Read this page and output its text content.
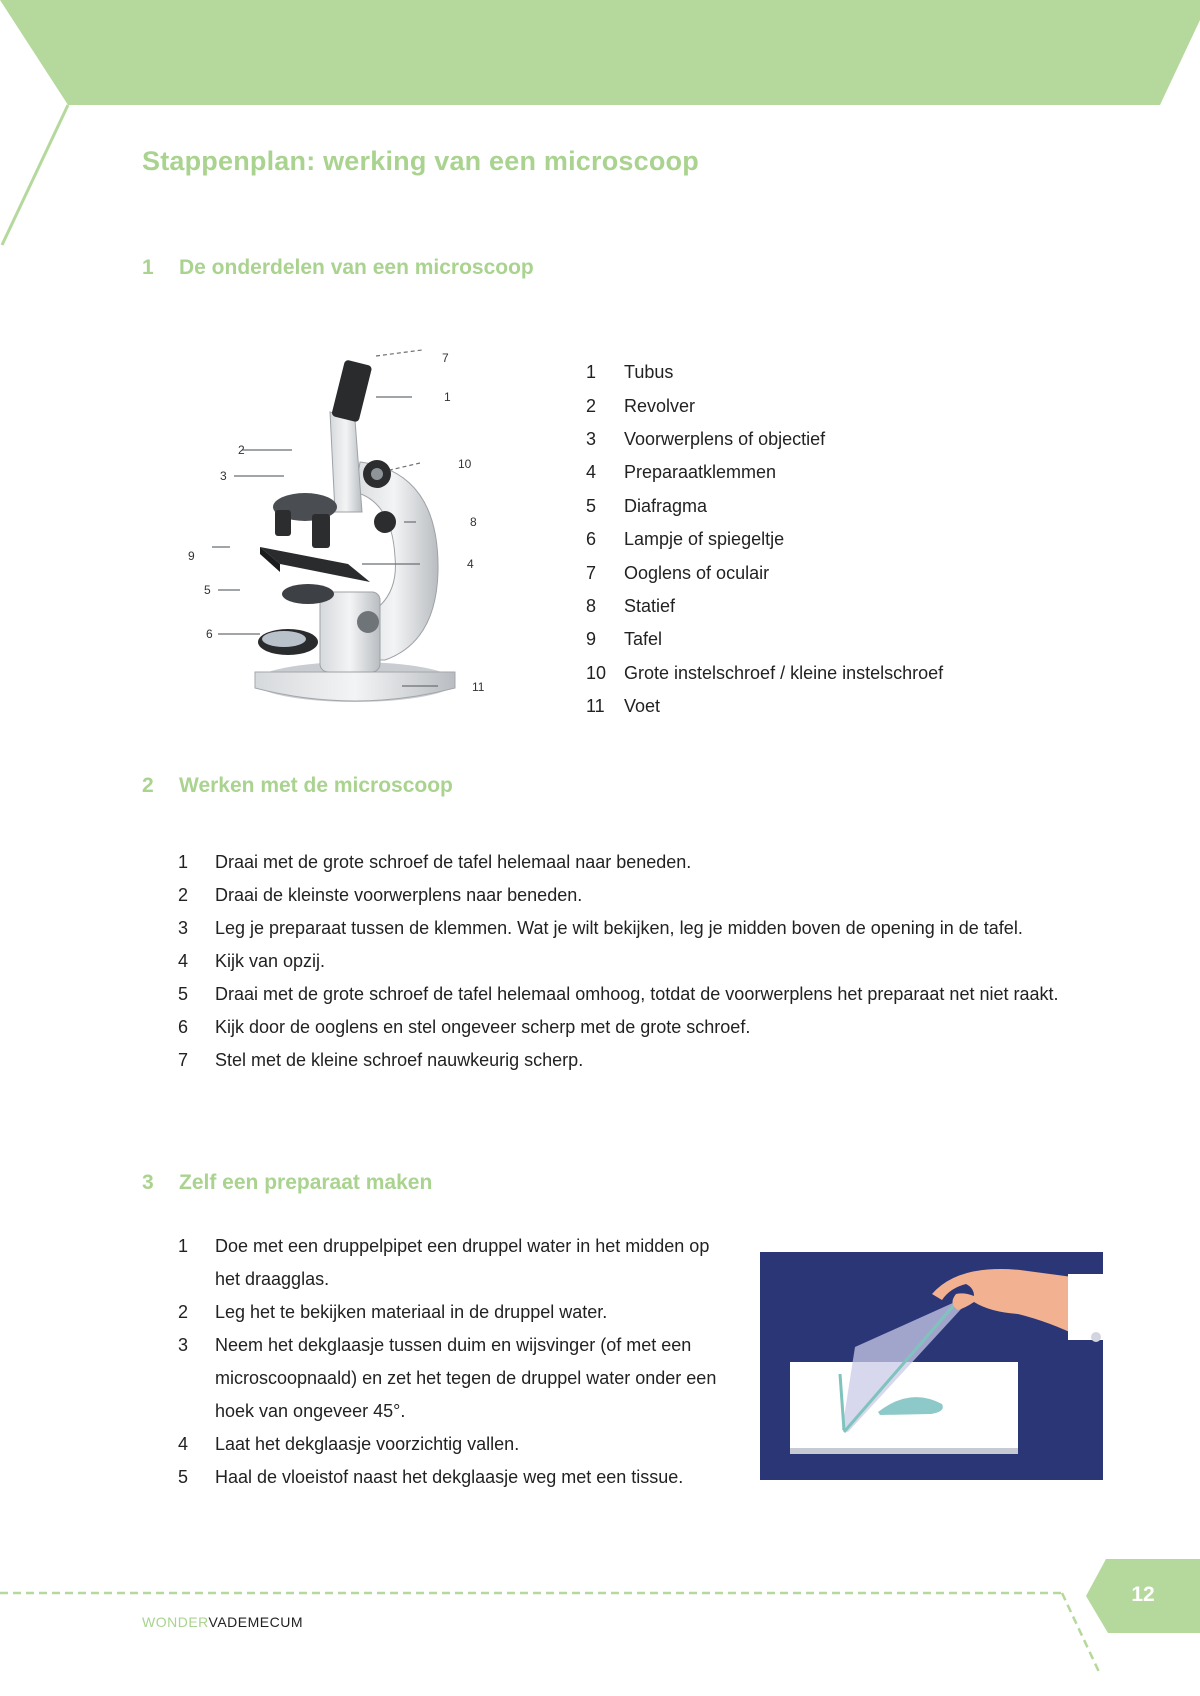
Stappenplan: werking van een microscoop
1 De onderdelen van een microscoop
7
1
10
2
3
8
9
4
5
6
11
1	Tubus
2	Revolver
3	Voorwerplens of objectief
4	Preparaatklemmen
5	Diafragma
6	Lampje of spiegeltje
7	Ooglens of oculair
8	Statief
9	Tafel
10 Grote instelschroef / kleine instelschroef
11	Voet
2 Werken met de microscoop
1	Draai met de grote schroef de tafel helemaal naar beneden.
2	Draai de kleinste voorwerplens naar beneden.
3	Leg je preparaat tussen de klemmen. Wat je wilt bekijken, leg je midden boven de opening in de tafel.
4	Kijk van opzij.
5	Draai met de grote schroef de tafel helemaal omhoog, totdat de voorwerplens het preparaat net niet raakt.
6	Kijk door de ooglens en stel ongeveer scherp met de grote schroef.
7	Stel met de kleine schroef nauwkeurig scherp.
3 Zelf een preparaat maken
1	Doe met een druppelpipet een druppel water in het midden op het draagglas.
2	Leg het te bekijken materiaal in de druppel water.
3	Neem het dekglaasje tussen duim en wijsvinger (of met een microscoopnaald) en zet het tegen de druppel water onder een hoek van ongeveer 45°.
4	Laat het dekglaasje voorzichtig vallen.
5	Haal de vloeistof naast het dekglaasje weg met een tissue.
12
WONDERVADEMECUM
